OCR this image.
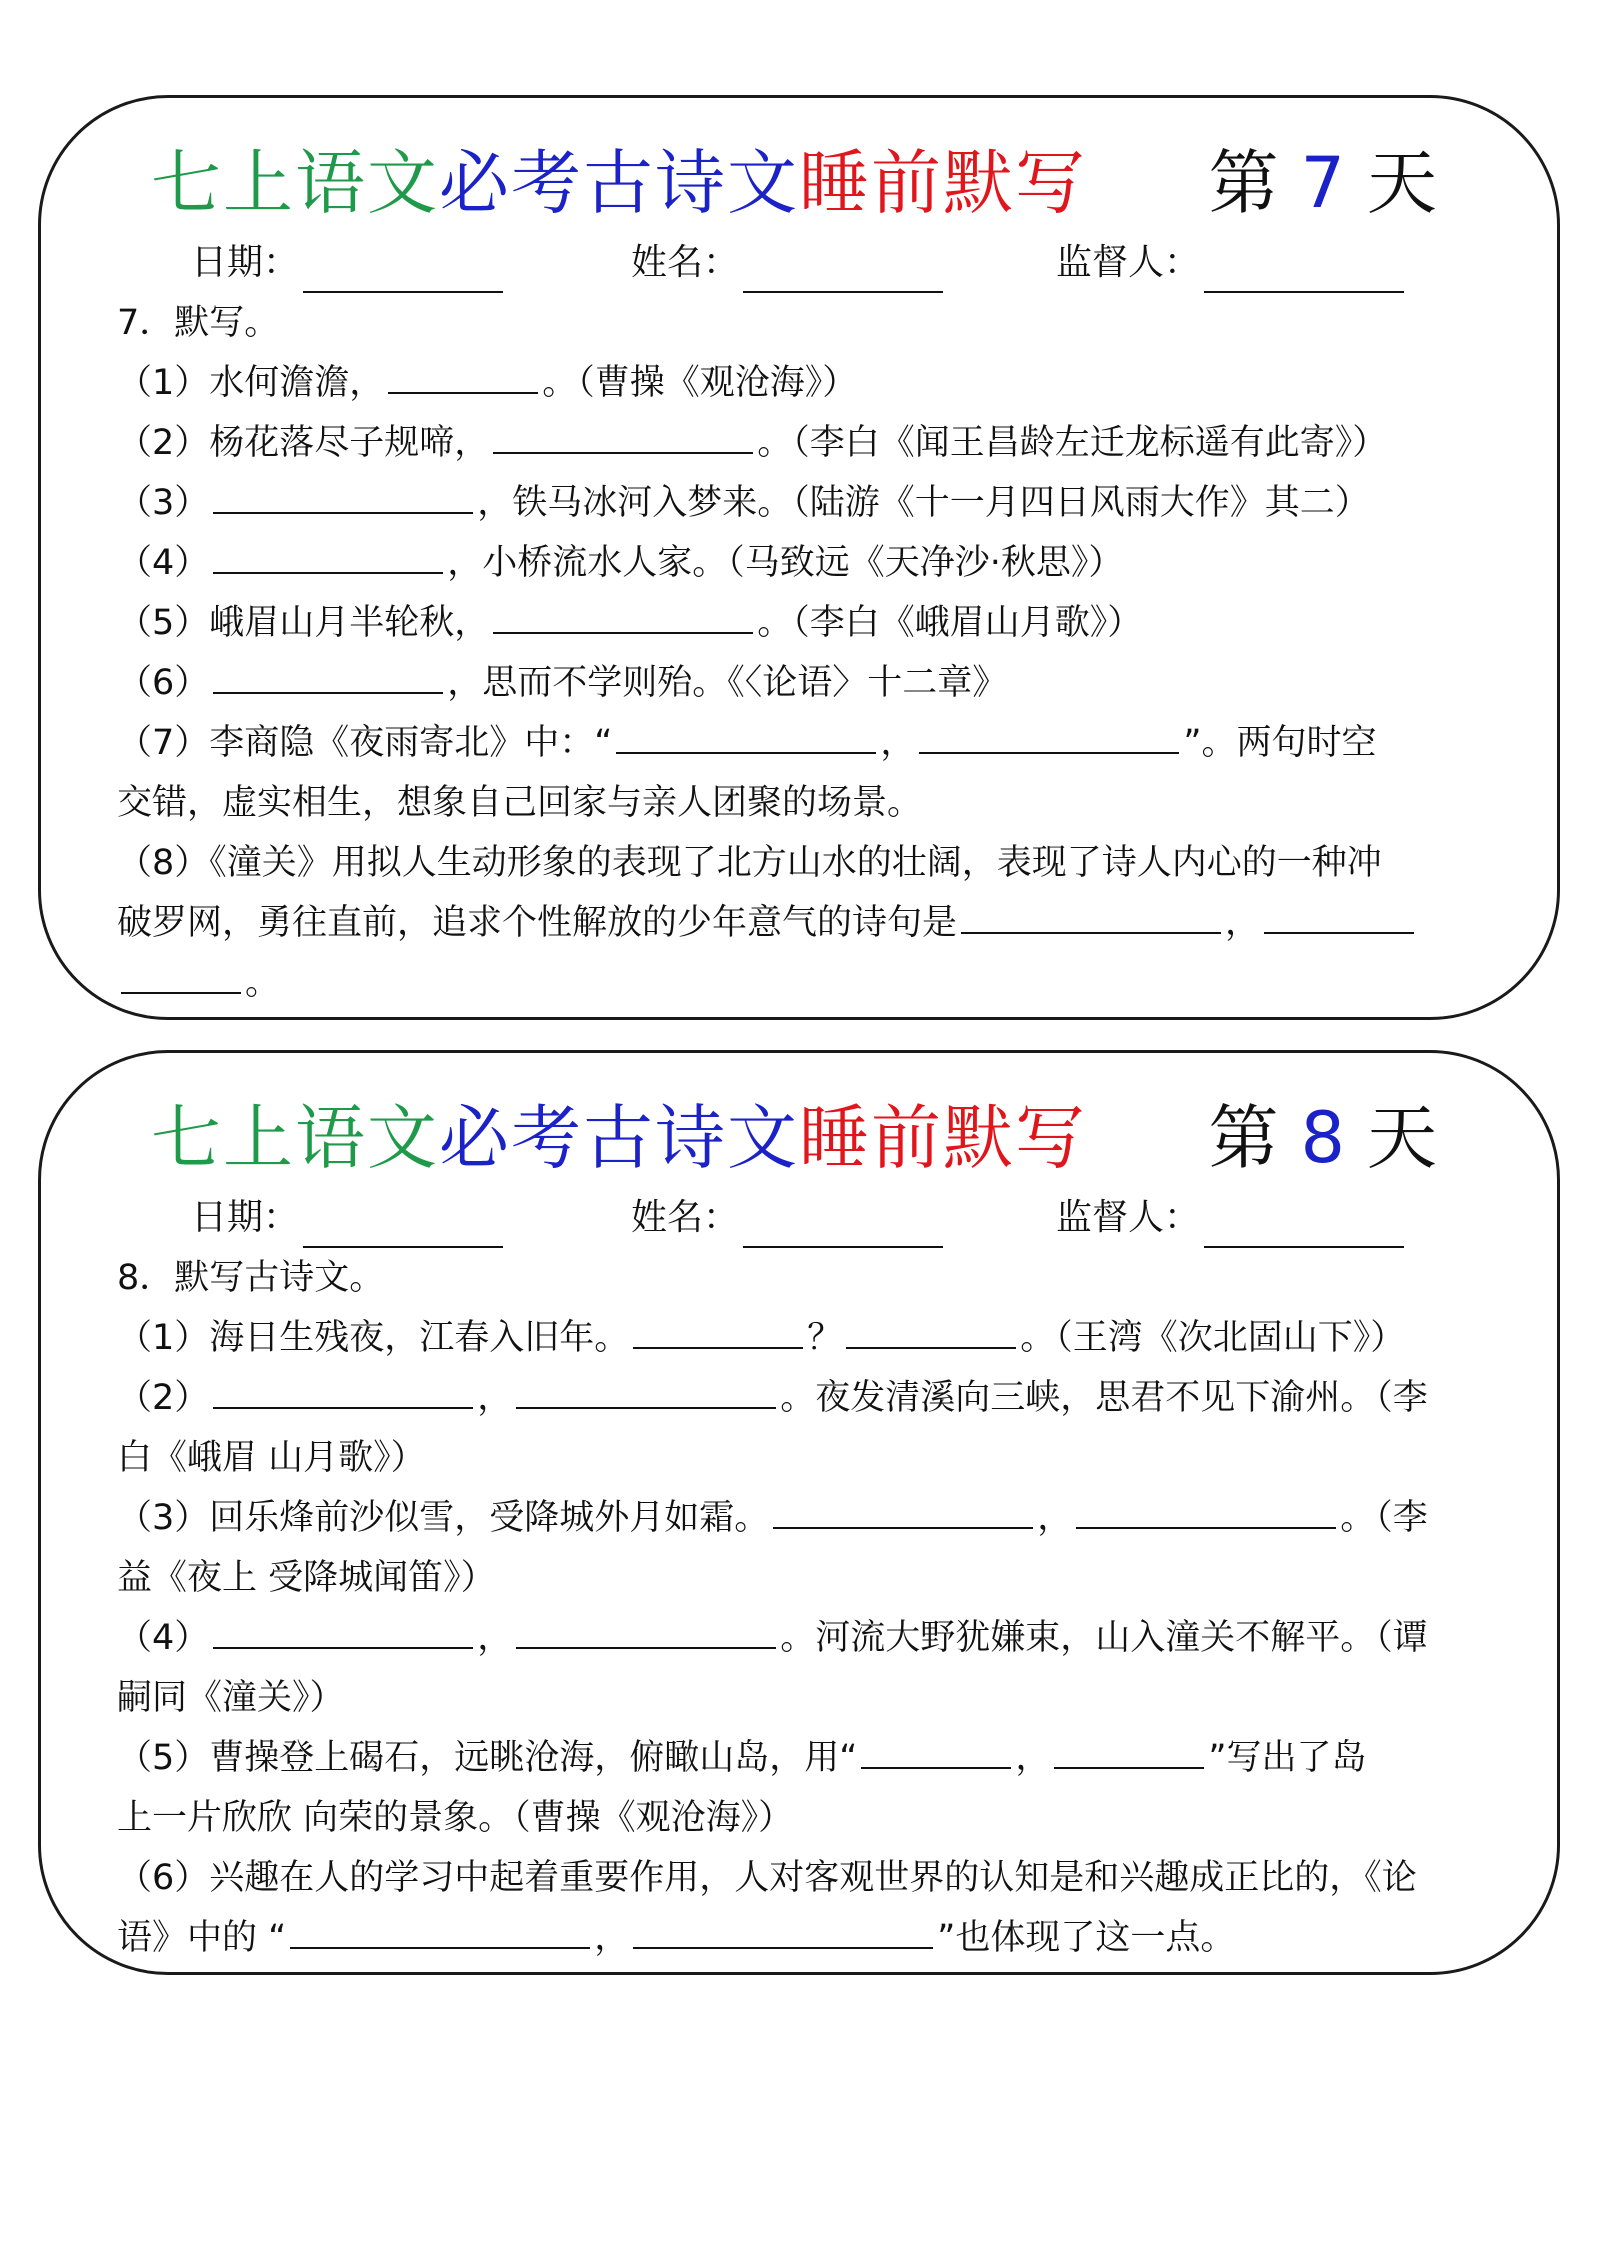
七上语文必考古诗文睡前默写 第 7 天
日期：	姓名：	监督人：
7．默写。
（1）水何澹澹，	。（曹操《观沧海》）
（2）杨花落尽子规啼，	。（李白《闻王昌龄左迁龙标遥有此寄》）
（3）	，铁马冰河入梦来。（陆游《十一月四日风雨大作》其二）
（4）	，小桥流水人家。（马致远《天净沙·秋思》）
（5）峨眉山月半轮秋，	。（李白《峨眉山月歌》）
（6）	，思而不学则殆。《〈论语〉十二章》
（7）李商隐《夜雨寄北》中：“	，	”。两句时空
交错，虚实相生，想象自己回家与亲人团聚的场景。
（8）《潼关》用拟人生动形象的表现了北方山水的壮阔，表现了诗人内心的一种冲
破罗网，勇往直前，追求个性解放的少年意气的诗句是	，
。
七上语文必考古诗文睡前默写 第 8 天
日期：	姓名：	监督人：
8．默写古诗文。
（1）海日生残夜，江春入旧年。	？	。（王湾《次北固山下》）
（2）	，	。夜发清溪向三峡，思君不见下渝州。（李
白《峨眉 山月歌》）
（3）回乐烽前沙似雪，受降城外月如霜。	，	。（李
益《夜上 受降城闻笛》）
（4）	，	。河流大野犹嫌束，山入潼关不解平。（谭
嗣同《潼关》）
（5）曹操登上碣石，远眺沧海，俯瞰山岛，用“	，	”写出了岛
上一片欣欣 向荣的景象。（曹操《观沧海》）
（6）兴趣在人的学习中起着重要作用，人对客观世界的认知是和兴趣成正比的，《论
语》中的 “	，	”也体现了这一点。
